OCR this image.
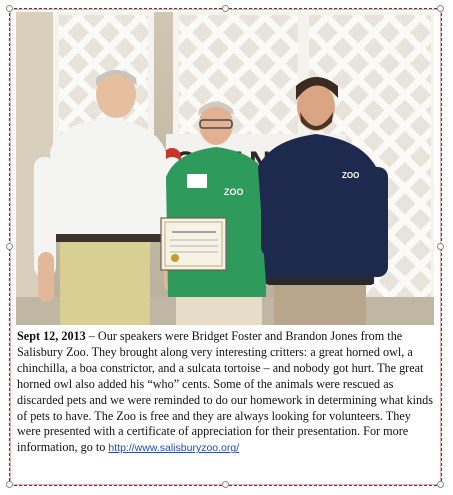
ZOO
ZOO
Sept 12, 2013 – Our speakers were Bridget Foster and Brandon Jones from the Salisbury Zoo. They brought along very interesting critters: a great horned owl, a chinchilla, a boa constrictor, and a sulcata tortoise – and nobody got hurt. The great horned owl also added his “who” cents. Some of the animals were rescued as discarded pets and we were reminded to do our homework in determining what kinds of pets to have. The Zoo is free and they are always looking for volunteers. They were presented with a certificate of appreciation for their presentation. For more information, go to http://www.salisburyzoo.org/
